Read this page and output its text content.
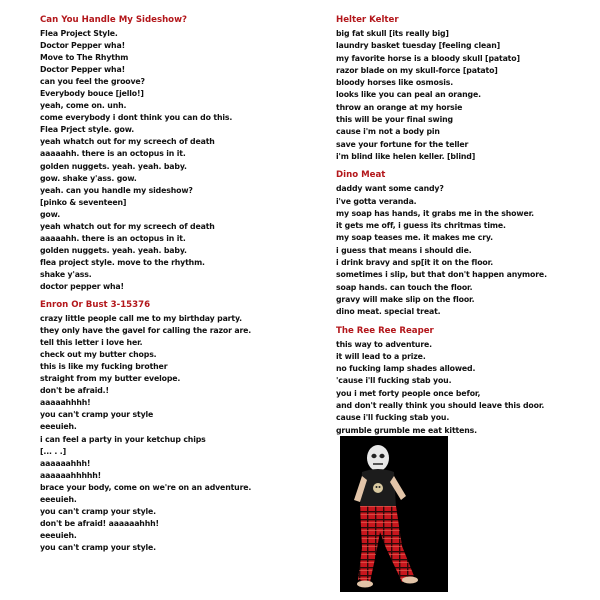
Can You Handle My Sideshow?
Flea Project Style.
Doctor Pepper wha!
Move to The Rhythm
Doctor Pepper wha!
can you feel the groove?
Everybody bouce [jello!]
yeah, come on. unh.
come everybody i dont think you can do this.
Flea Prject style. gow.
yeah whatch out for my screech of death
aaaaahh. there is an octopus in it.
golden nuggets. yeah. yeah. baby.
gow. shake y'ass. gow.
yeah. can you handle my sideshow?
[pinko & seventeen]
gow.
yeah whatch out for my screech of death
aaaaahh. there is an octopus in it.
golden nuggets. yeah. yeah. baby.
flea project style. move to the rhythm.
shake y'ass.
doctor pepper wha!
Enron Or Bust 3-15376
crazy little people call me to my birthday party.
they only have the gavel for calling the razor are.
tell this letter i love her.
check out my butter chops.
this is like my fucking brother
straight from my butter evelope.
don't be afraid.!
aaaaahhhh!
you can't cramp your style
eeeuieh.
i can feel a party in your ketchup chips
[... . .]
aaaaaahhh!
aaaaaahhhhh!
brace your body, come on we're on an adventure.
eeeuieh.
you can't cramp your style.
don't be afraid! aaaaaahhh!
eeeuieh.
you can't cramp your style.
Helter Kelter
big fat skull [its really big]
laundry basket tuesday [feeling clean]
my favorite horse is a bloody skull [patato]
razor blade on my skull-force [patato]
bloody horses like osmosis.
looks like you can peal an orange.
throw an orange at my horsie
this will be your final swing
cause i'm not a body pin
save your fortune for the teller
i'm blind like helen keller. [blind]
Dino Meat
daddy want some candy?
i've gotta veranda.
my soap has hands, it grabs me in the shower.
it gets me off, i guess its chritmas time.
my soap teases me. it makes me cry.
i guess that means i should die.
i drink bravy and sp[it it on the floor.
sometimes i slip, but that don't happen anymore.
soap hands. can touch the floor.
gravy will make slip on the floor.
dino meat. special treat.
The Ree Ree Reaper
this way to adventure.
it will lead to a prize.
no fucking lamp shades allowed.
'cause i'll fucking stab you.
you i met forty people once befor,
and don't really think you should leave this door.
cause i'll fucking stab you.
grumble grumble me eat kittens.
